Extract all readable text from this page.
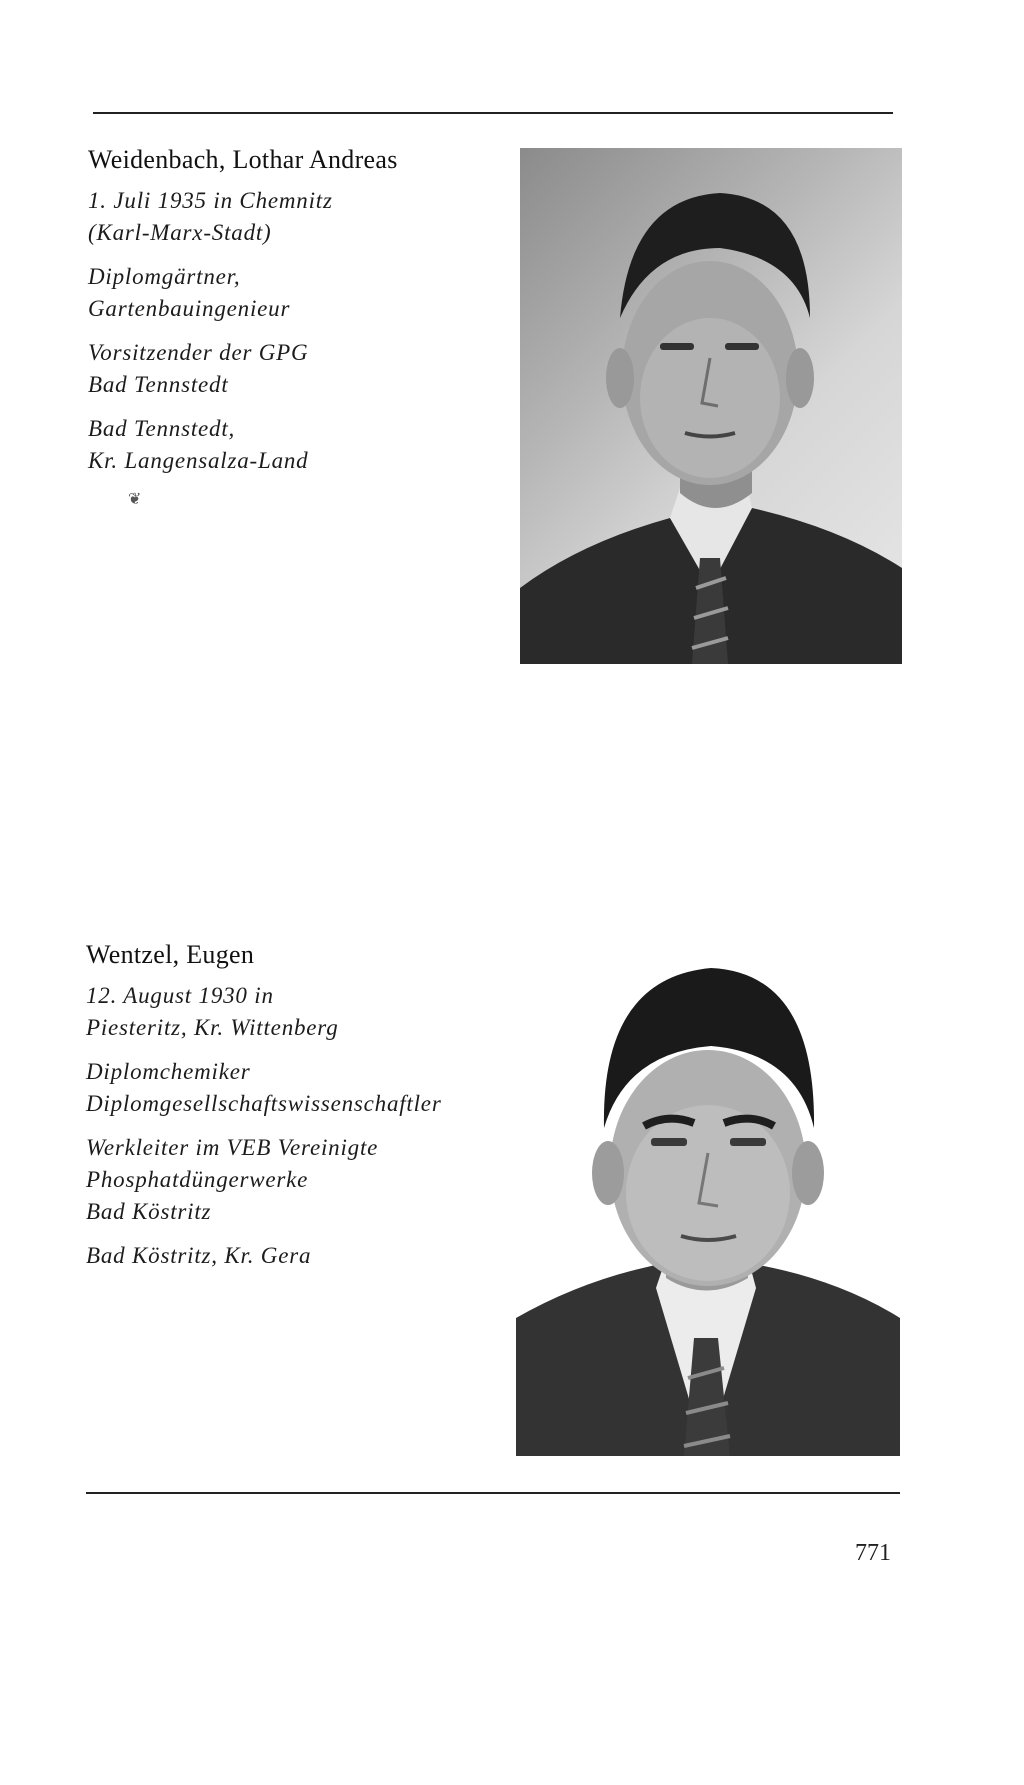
Weidenbach, Lothar Andreas
1. Juli 1935 in Chemnitz
(Karl-Marx-Stadt)
Diplomgärtner,
Gartenbauingenieur
Vorsitzender der GPG
Bad Tennstedt
Bad Tennstedt,
Kr. Langensalza-Land
❦
Wentzel, Eugen
12. August 1930 in
Piesteritz, Kr. Wittenberg
Diplomchemiker
Diplomgesellschaftswissenschaftler
Werkleiter im VEB Vereinigte
Phosphatdüngerwerke
Bad Köstritz
Bad Köstritz, Kr. Gera
771
